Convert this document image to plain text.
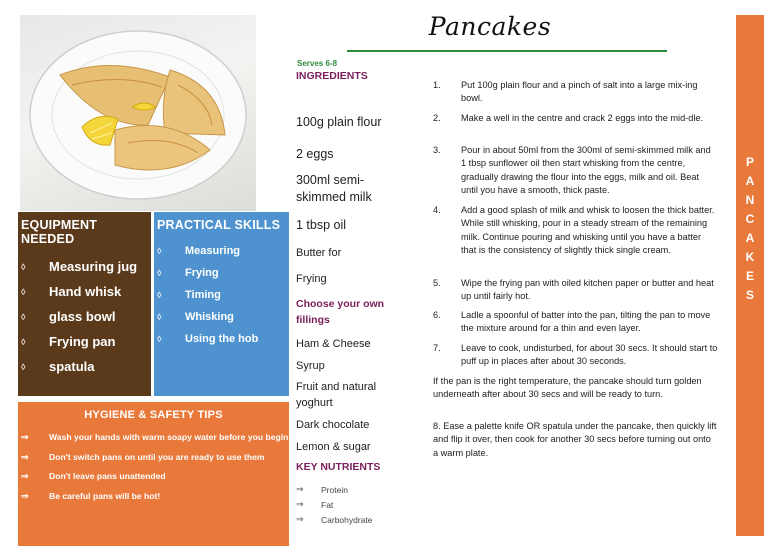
Pancakes
EQUIPMENT NEEDED
◊	Measuring jug
◊	Hand whisk
◊	glass bowl
◊	Frying pan
◊	spatula
PRACTICAL SKILLS
◊	Measuring
◊	Frying
◊	Timing
◊	Whisking
◊	Using the hob
HYGIENE & SAFETY TIPS
⇒	Wash your hands with warm soapy water before you begin
⇒	Don't switch pans on until you are ready to use them
⇒	Don't leave pans unattended
⇒	Be careful pans will be hot!
Serves 6-8
INGREDIENTS
100g plain flour
2 eggs
300ml semi-skimmed milk
1 tbsp oil
Butter for
Frying
Choose your own fillings
Ham & Cheese
Syrup
Fruit and natural yoghurt
Dark chocolate
Lemon & sugar
KEY NUTRIENTS
⇒	Protein
⇒	Fat
⇒	Carbohydrate
1.	Put 100g plain flour and a pinch of salt into a large mix-ing bowl.
2.	Make a well in the centre and crack 2 eggs into the mid-dle.
3.	Pour in about 50ml from the 300ml of semi-skimmed milk and 1 tbsp sunflower oil then start whisking from the centre, gradually drawing the flour into the eggs, milk and oil. Beat until you have a smooth, thick paste.
4.	Add a good splash of milk and whisk to loosen the thick batter. While still whisking, pour in a steady stream of the remaining milk. Continue pouring and whisking until you have a batter that is the consistency of slightly thick single cream.
5.	Wipe the frying pan with oiled kitchen paper or butter and heat up until fairly hot.
6.	Ladle a spoonful of batter into the pan, tilting the pan to move the mixture around for a thin and even layer.
7.	Leave to cook, undisturbed, for about 30 secs. It should start to puff up in places after about 30 seconds.
If the pan is the right temperature, the pancake should turn golden underneath after about 30 secs and will be ready to turn.
8. Ease a palette knife OR spatula under the pancake, then quickly lift and flip it over, then cook for another 30 secs before turning out onto a warm plate.
P
A
N
C
A
K
E
S
